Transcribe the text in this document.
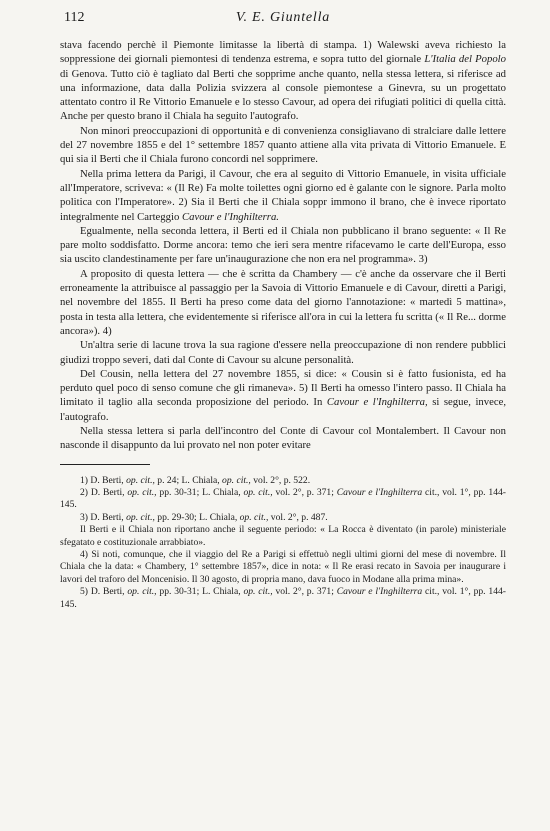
112	V. E. Giuntella

stava facendo perchè il Piemonte limitasse la libertà di stampa. 1) Walewski aveva richiesto la soppressione dei giornali piemontesi di tendenza estrema, e sopra tutto del giornale L'Italia del Popolo di Genova. Tutto ciò è tagliato dal Berti che sopprime anche quanto, nella stessa lettera, si riferisce ad una informazione, data dalla Polizia svizzera al console piemontese a Ginevra, su un progettato attentato contro il Re Vittorio Emanuele e lo stesso Cavour, ad opera dei rifugiati politici di quella città. Anche per questo brano il Chiala ha seguito l'autografo.

Non minori preoccupazioni di opportunità e di convenienza consigliavano di stralciare dalle lettere del 27 novembre 1855 e del 1° settembre 1857 quanto attiene alla vita privata di Vittorio Emanuele. E qui sia il Berti che il Chiala furono concordi nel sopprimere.

Nella prima lettera da Parigi, il Cavour, che era al seguito di Vittorio Emanuele, in visita ufficiale all'Imperatore, scriveva: « (Il Re) Fa molte toilettes ogni giorno ed è galante con le signore. Parla molto politica con l'Imperatore». 2) Sia il Berti che il Chiala soppr immono il brano, che è invece riportato integralmente nel Carteggio Cavour e l'Inghilterra.

Egualmente, nella seconda lettera, il Berti ed il Chiala non pubblicano il brano seguente: « Il Re pare molto soddisfatto. Dorme ancora: temo che ieri sera mentre rifacevamo le carte dell'Europa, esso sia uscito clandestinamente per fare un'inaugurazione che non era nel programma». 3)

A proposito di questa lettera — che è scritta da Chambery — c'è anche da osservare che il Berti erroneamente la attribuisce al passaggio per la Savoia di Vittorio Emanuele e di Cavour, diretti a Parigi, nel novembre del 1855. Il Berti ha preso come data del giorno l'annotazione: « martedì 5 mattina», posta in testa alla lettera, che evidentemente si riferisce all'ora in cui la lettera fu scritta (« Il Re... dorme ancora»). 4)

Un'altra serie di lacune trova la sua ragione d'essere nella preoccupazione di non rendere pubblici giudizi troppo severi, dati dal Conte di Cavour su alcune personalità.

Del Cousin, nella lettera del 27 novembre 1855, si dice: « Cousin si è fatto fusionista, ed ha perduto quel poco di senso comune che gli rimaneva». 5) Il Berti ha omesso l'intero passo. Il Chiala ha limitato il taglio alla seconda proposizione del periodo. In Cavour e l'Inghilterra, si segue, invece, l'autografo.

Nella stessa lettera si parla dell'incontro del Conte di Cavour col Montalembert. Il Cavour non nasconde il disappunto da lui provato nel non poter evitare

1) D. Berti, op. cit., p. 24; L. Chiala, op. cit., vol. 2°, p. 522.

2) D. Berti, op. cit., pp. 30-31; L. Chiala, op. cit., vol. 2°, p. 371; Cavour e l'Inghilterra cit., vol. 1°, pp. 144-145.

3) D. Berti, op. cit., pp. 29-30; L. Chiala, op. cit., vol. 2°, p. 487.

Il Berti e il Chiala non riportano anche il seguente periodo: « La Rocca è diventato (in parole) ministeriale sfegatato e costituzionale arrabbiato».

4) Si noti, comunque, che il viaggio del Re a Parigi si effettuò negli ultimi giorni del mese di novembre. Il Chiala che la data: « Chambery, 1° settembre 1857», dice in nota: « Il Re erasi recato in Savoia per inaugurare i lavori del traforo del Moncenisio. Il 30 agosto, di propria mano, dava fuoco in Modane alla prima mina».

5) D. Berti, op. cit., pp. 30-31; L. Chiala, op. cit., vol. 2°, p. 371; Cavour e l'Inghilterra cit., vol. 1°, pp. 144-145.
